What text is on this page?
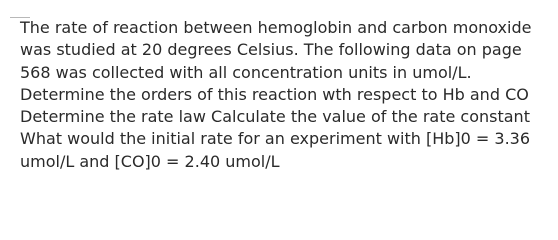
The rate of reaction between hemoglobin and carbon monoxide
was studied at 20 degrees Celsius. The following data on page
568 was collected with all concentration units in umol/L.
Determine the orders of this reaction wth respect to Hb and CO
Determine the rate law Calculate the value of the rate constant
What would the initial rate for an experiment with [Hb]0 = 3.36
umol/L and [CO]0 = 2.40 umol/L
